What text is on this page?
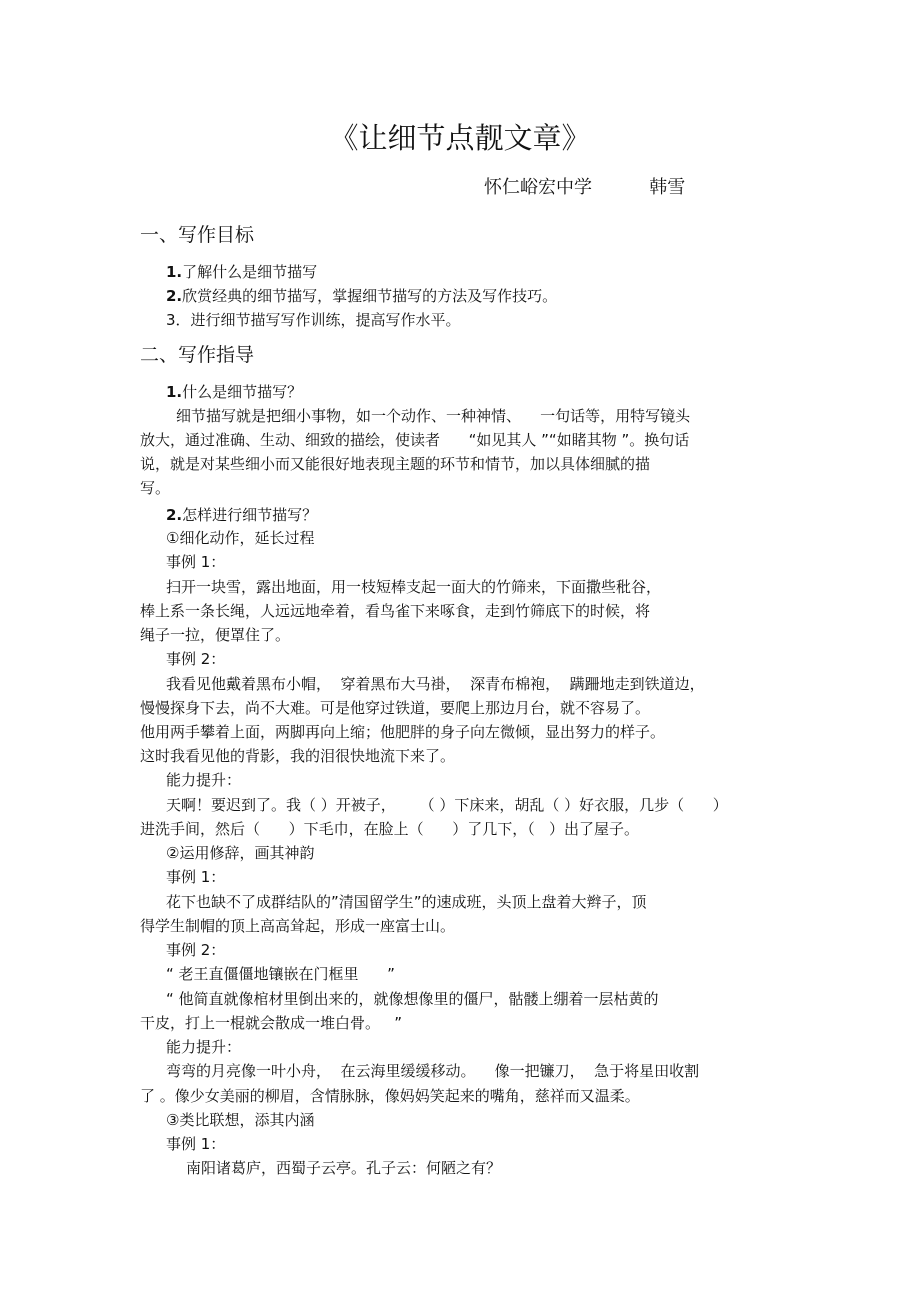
《让细节点靓文章》
怀仁峪宏中学          韩雪
一、写作目标
1.了解什么是细节描写
2.欣赏经典的细节描写，掌握细节描写的方法及写作技巧。
3．进行细节描写写作训练，提高写作水平。
二、写作指导
1.什么是细节描写？
细节描写就是把细小事物，如一个动作、一种神情、    一句话等，用特写镜头
放大，通过准确、生动、细致的描绘，使读者      “如见其人 ”“如睹其物 ”。换句话
说，就是对某些细小而又能很好地表现主题的环节和情节，加以具体细腻的描
写。
2.怎样进行细节描写？
①细化动作，延长过程
事例 1：
扫开一块雪，露出地面，用一枝短棒支起一面大的竹筛来，下面撒些秕谷，
棒上系一条长绳，人远远地牵着，看鸟雀下来啄食，走到竹筛底下的时候，将
绳子一拉，便罩住了。
事例 2：
我看见他戴着黑布小帽，  穿着黑布大马褂，  深青布棉袍，  蹒跚地走到铁道边，
慢慢探身下去，尚不大难。可是他穿过铁道，要爬上那边月台，就不容易了。
他用两手攀着上面，两脚再向上缩；他肥胖的身子向左微倾，显出努力的样子。
这时我看见他的背影，我的泪很快地流下来了。
能力提升：
天啊！要迟到了。我（ ）开被子，     （ ）下床来，胡乱（ ）好衣服，几步（      ）
进洗手间，然后（      ）下毛巾，在脸上（      ）了几下，（   ）出了屋子。
②运用修辞，画其神韵
事例 1：
花下也缺不了成群结队的”清国留学生”的速成班，头顶上盘着大辫子，顶
得学生制帽的顶上高高耸起，形成一座富士山。
事例 2：
“ 老王直僵僵地镶嵌在门框里      ”
“ 他简直就像棺材里倒出来的，就像想像里的僵尸，骷髅上绷着一层枯黄的
干皮，打上一棍就会散成一堆白骨。   ”
能力提升：
弯弯的月亮像一叶小舟，  在云海里缓缓移动。    像一把镰刀，  急于将星田收割
了 。像少女美丽的柳眉，含情脉脉，像妈妈笑起来的嘴角，慈祥而又温柔。
③类比联想，添其内涵
事例 1：
南阳诸葛庐，西蜀子云亭。孔子云：何陋之有？
